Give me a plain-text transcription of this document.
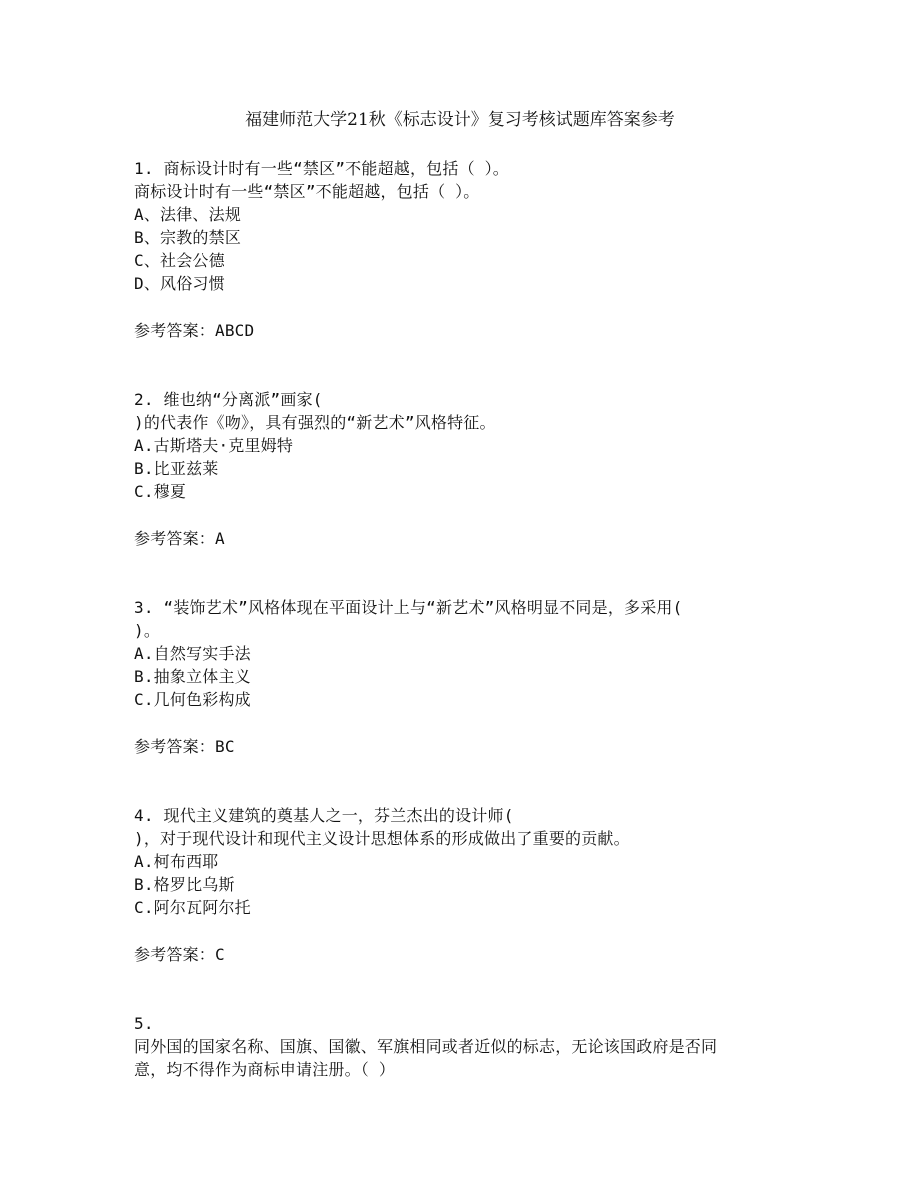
福建师范大学21秋《标志设计》复习考核试题库答案参考
1. 商标设计时有一些“禁区”不能超越，包括（ ）。
商标设计时有一些“禁区”不能超越，包括（ ）。
A、法律、法规
B、宗教的禁区
C、社会公德
D、风俗习惯
参考答案：ABCD
2. 维也纳“分离派”画家(
)的代表作《吻》，具有强烈的“新艺术”风格特征。
A.古斯塔夫·克里姆特
B.比亚兹莱
C.穆夏
参考答案：A
3. “装饰艺术”风格体现在平面设计上与“新艺术”风格明显不同是，多采用(
)。
A.自然写实手法
B.抽象立体主义
C.几何色彩构成
参考答案：BC
4. 现代主义建筑的奠基人之一，芬兰杰出的设计师(
)，对于现代设计和现代主义设计思想体系的形成做出了重要的贡献。
A.柯布西耶
B.格罗比乌斯
C.阿尔瓦阿尔托
参考答案：C
5.
同外国的国家名称、国旗、国徽、军旗相同或者近似的标志，无论该国政府是否同
意，均不得作为商标申请注册。（ ）
